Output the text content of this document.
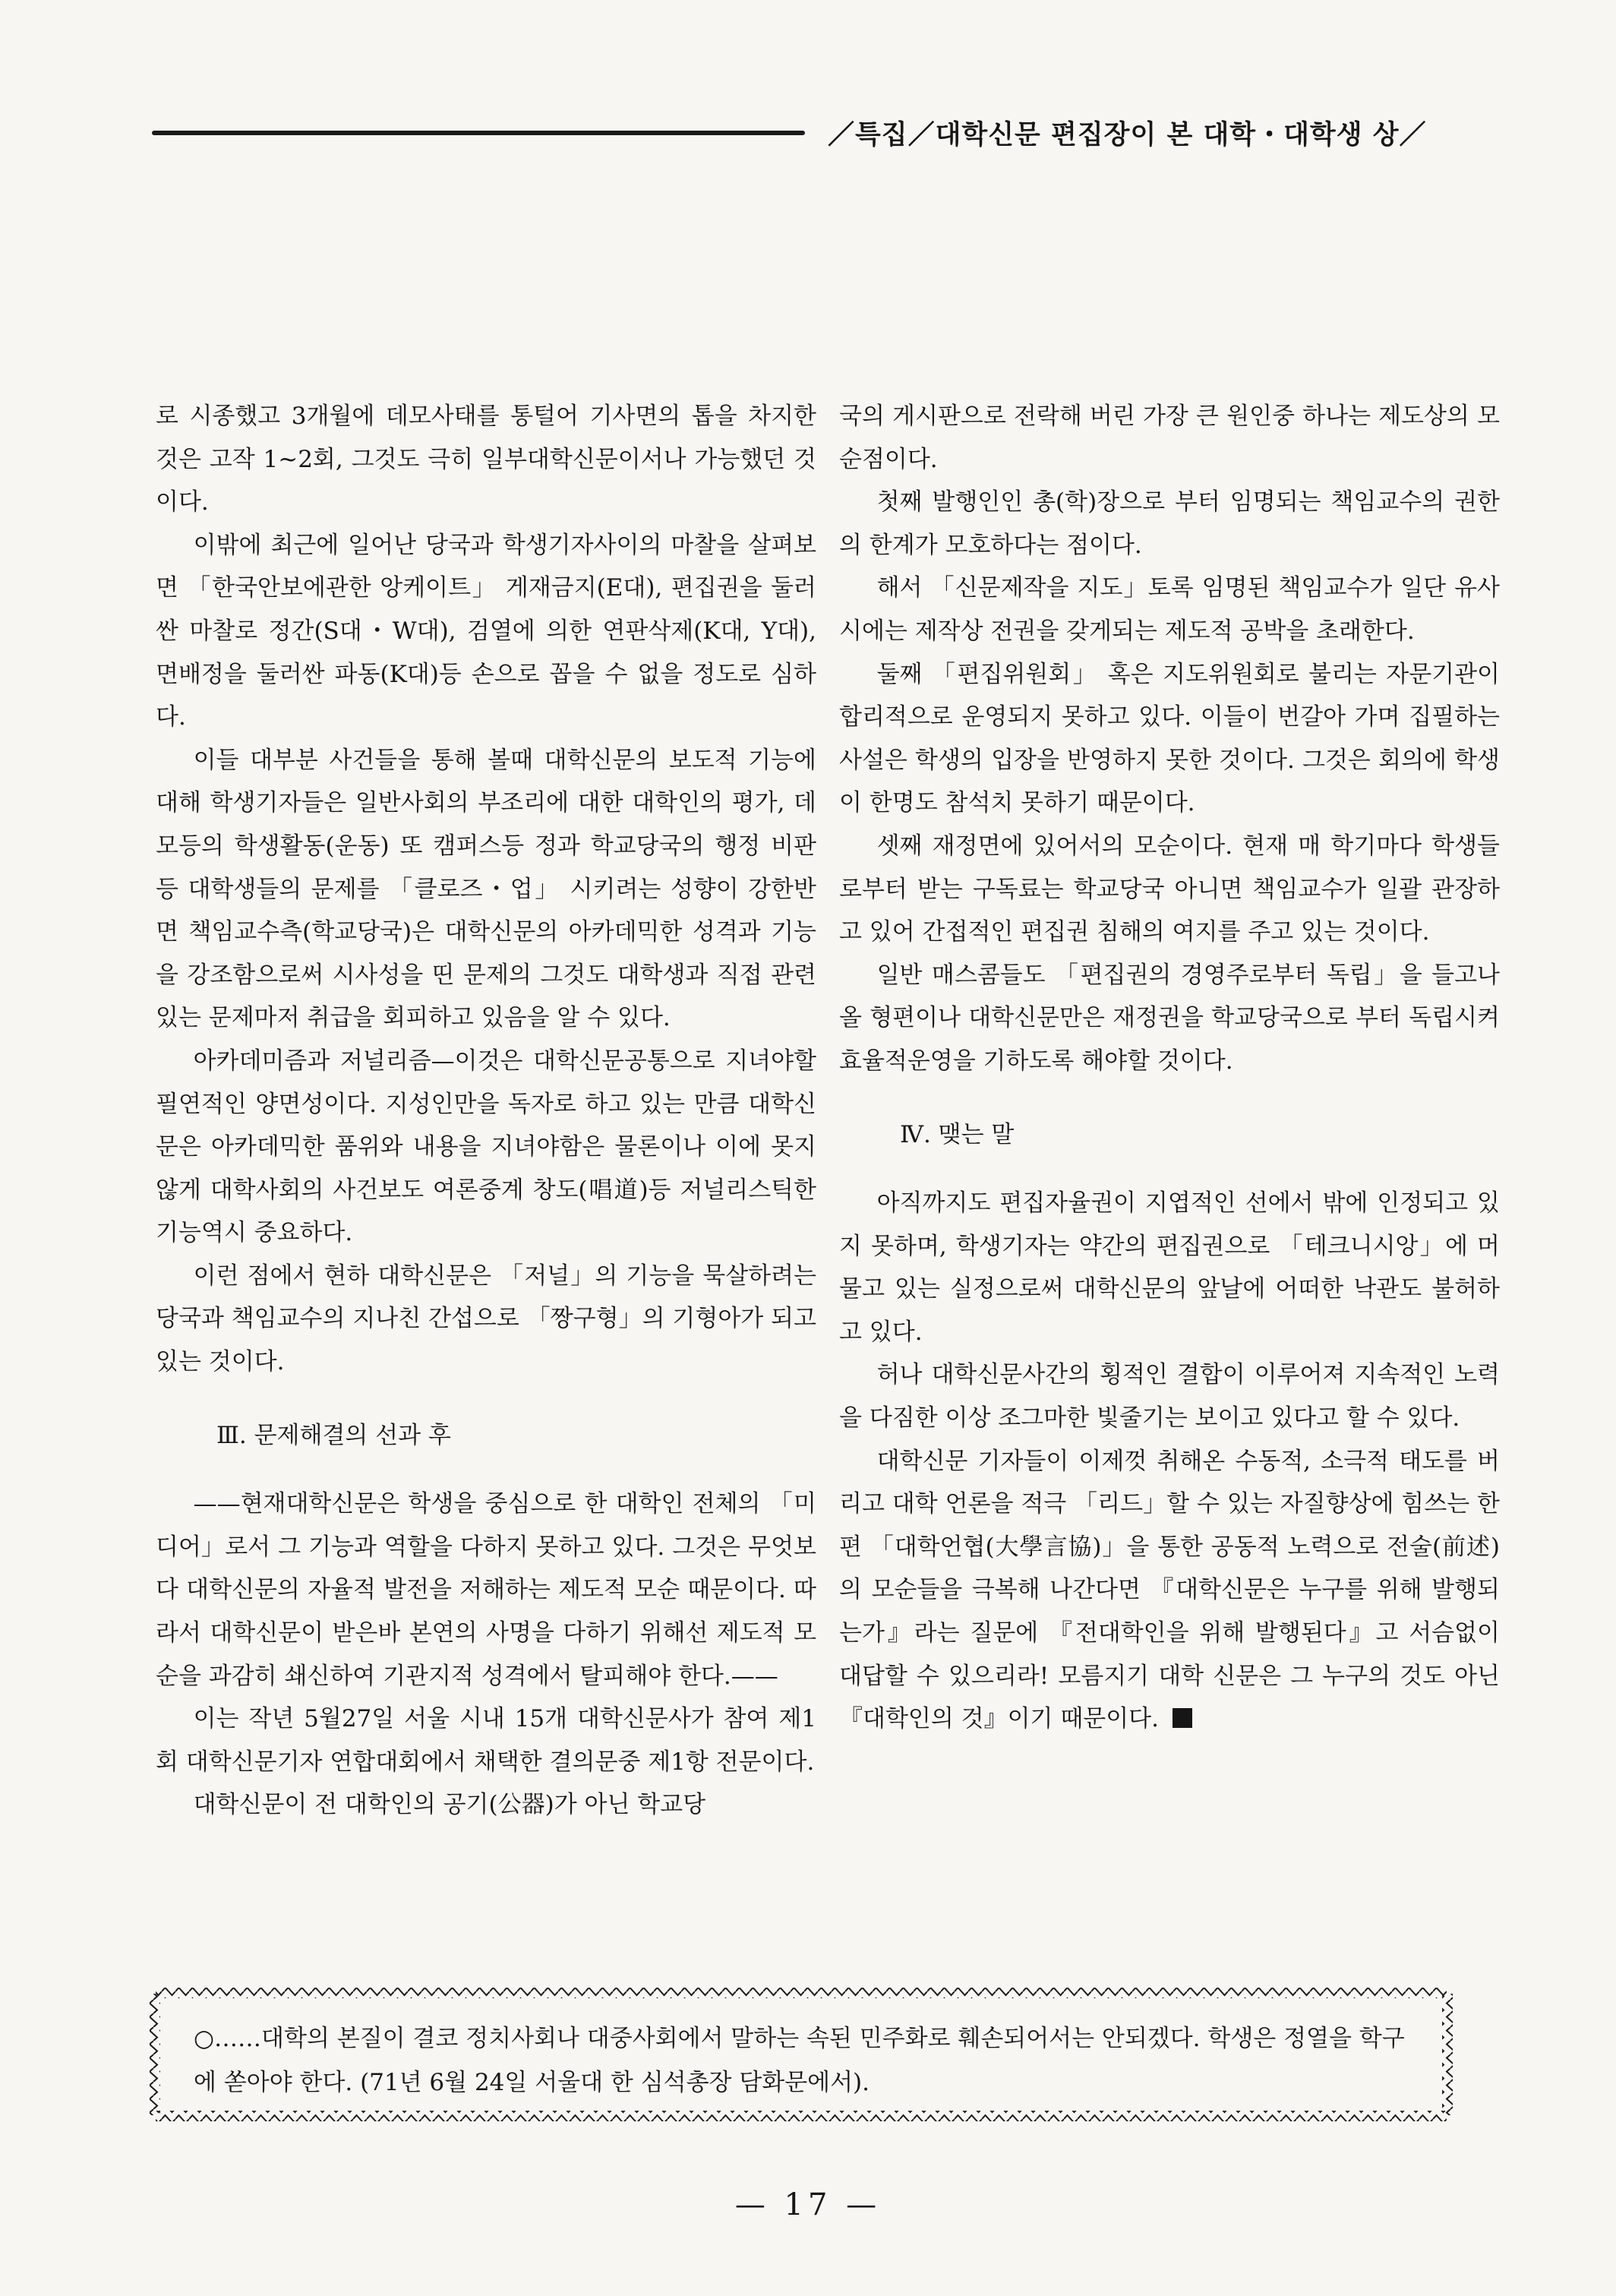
／특집／대학신문 편집장이 본 대학・대학생 상／

로 시종했고 3개월에 데모사태를 통털어 기사면의 톱을 차지한 것은 고작 1~2회, 그것도 극히 일부대학신문이서나 가능했던 것이다.

이밖에 최근에 일어난 당국과 학생기자사이의 마찰을 살펴보면 「한국안보에관한 앙케이트」 게재금지(E대), 편집권을 둘러싼 마찰로 정간(S대・W대), 검열에 의한 연판삭제(K대, Y대), 면배정을 둘러싼 파동(K대)등 손으로 꼽을 수 없을 정도로 심하다.

이들 대부분 사건들을 통해 볼때 대학신문의 보도적 기능에 대해 학생기자들은 일반사회의 부조리에 대한 대학인의 평가, 데모등의 학생활동(운동) 또 캠퍼스등 정과 학교당국의 행정 비판등 대학생들의 문제를 「클로즈・업」 시키려는 성향이 강한반면 책임교수측(학교당국)은 대학신문의 아카데믹한 성격과 기능을 강조함으로써 시사성을 띤 문제의 그것도 대학생과 직접 관련있는 문제마저 취급을 회피하고 있음을 알 수 있다.

아카데미즘과 저널리즘—이것은 대학신문공통으로 지녀야할 필연적인 양면성이다. 지성인만을 독자로 하고 있는 만큼 대학신문은 아카데믹한 품위와 내용을 지녀야함은 물론이나 이에 못지않게 대학사회의 사건보도 여론중계 창도(唱道)등 저널리스틱한 기능역시 중요하다.

이런 점에서 현하 대학신문은 「저널」의 기능을 묵살하려는 당국과 책임교수의 지나친 간섭으로 「짱구형」의 기형아가 되고 있는 것이다.

Ⅲ. 문제해결의 선과 후

——현재대학신문은 학생을 중심으로 한 대학인 전체의 「미디어」로서 그 기능과 역할을 다하지 못하고 있다. 그것은 무엇보다 대학신문의 자율적 발전을 저해하는 제도적 모순 때문이다. 따라서 대학신문이 받은바 본연의 사명을 다하기 위해선 제도적 모순을 과감히 쇄신하여 기관지적 성격에서 탈피해야 한다.——

이는 작년 5월27일 서울 시내 15개 대학신문사가 참여 제1회 대학신문기자 연합대회에서 채택한 결의문중 제1항 전문이다.

대학신문이 전 대학인의 공기(公器)가 아닌 학교당

국의 게시판으로 전락해 버린 가장 큰 원인중 하나는 제도상의 모순점이다.

첫째 발행인인 총(학)장으로 부터 임명되는 책임교수의 권한의 한계가 모호하다는 점이다.

해서 「신문제작을 지도」토록 임명된 책임교수가 일단 유사시에는 제작상 전권을 갖게되는 제도적 공박을 초래한다.

둘째 「편집위원회」 혹은 지도위원회로 불리는 자문기관이 합리적으로 운영되지 못하고 있다. 이들이 번갈아 가며 집필하는 사설은 학생의 입장을 반영하지 못한 것이다. 그것은 회의에 학생이 한명도 참석치 못하기 때문이다.

셋째 재정면에 있어서의 모순이다. 현재 매 학기마다 학생들로부터 받는 구독료는 학교당국 아니면 책임교수가 일괄 관장하고 있어 간접적인 편집권 침해의 여지를 주고 있는 것이다.

일반 매스콤들도 「편집권의 경영주로부터 독립」을 들고나올 형편이나 대학신문만은 재정권을 학교당국으로 부터 독립시켜 효율적운영을 기하도록 해야할 것이다.

Ⅳ. 맺는 말

아직까지도 편집자율권이 지엽적인 선에서 밖에 인정되고 있지 못하며, 학생기자는 약간의 편집권으로 「테크니시앙」에 머물고 있는 실정으로써 대학신문의 앞날에 어떠한 낙관도 불허하고 있다.

허나 대학신문사간의 횡적인 결합이 이루어져 지속적인 노력을 다짐한 이상 조그마한 빛줄기는 보이고 있다고 할 수 있다.

대학신문 기자들이 이제껏 취해온 수동적, 소극적 태도를 버리고 대학 언론을 적극 「리드」할 수 있는 자질향상에 힘쓰는 한편 「대학언협(大學言協)」을 통한 공동적 노력으로 전술(前述)의 모순들을 극복해 나간다면 『대학신문은 누구를 위해 발행되는가』라는 질문에 『전대학인을 위해 발행된다』고 서슴없이 대답할 수 있으리라! 모름지기 대학 신문은 그 누구의 것도 아닌『대학인의 것』이기 때문이다.

○……대학의 본질이 결코 정치사회나 대중사회에서 말하는 속된 민주화로 훼손되어서는 안되겠다. 학생은 정열을 학구에 쏟아야 한다. (71년 6월 24일 서울대 한 심석총장 담화문에서).
— 17 —
